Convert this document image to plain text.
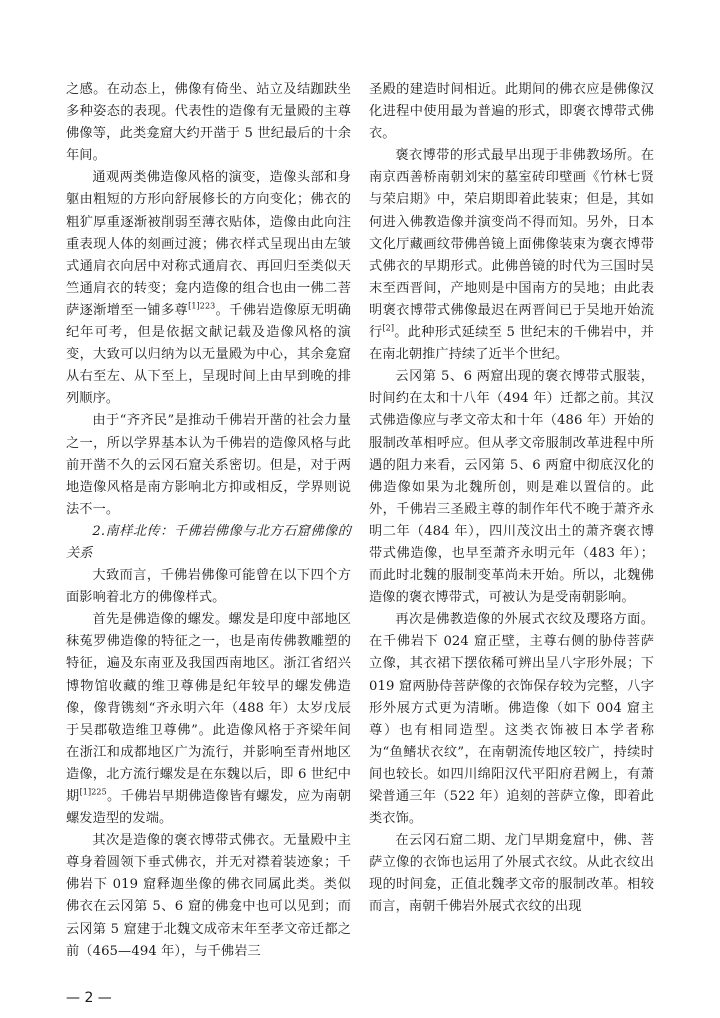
之感。在动态上，佛像有倚坐、站立及结跏趺坐多种姿态的表现。代表性的造像有无量殿的主尊佛像等，此类龛窟大约开凿于 5 世纪最后的十余年间。

通观两类佛造像风格的演变，造像头部和身躯由粗短的方形向舒展修长的方向变化；佛衣的粗犷厚重逐渐被削弱至薄衣贴体，造像由此向注重表现人体的刻画过渡；佛衣样式呈现出由左皱式通肩衣向居中对称式通肩衣、再回归至类似天竺通肩衣的转变；龛内造像的组合也由一佛二菩萨逐渐增至一铺多尊$^{[1]223}$。千佛岩造像原无明确纪年可考，但是依据文献记载及造像风格的演变，大致可以归纳为以无量殿为中心，其余龛窟从右至左、从下至上，呈现时间上由早到晚的排列顺序。

由于“齐齐民”是推动千佛岩开凿的社会力量之一，所以学界基本认为千佛岩的造像风格与此前开凿不久的云冈石窟关系密切。但是，对于两地造像风格是南方影响北方抑或相反，学界则说法不一。

2.南样北传：千佛岩佛像与北方石窟佛像的关系

大致而言，千佛岩佛像可能曾在以下四个方面影响着北方的佛像样式。

首先是佛造像的螺发。螺发是印度中部地区秣菟罗佛造像的特征之一，也是南传佛教雕塑的特征，遍及东南亚及我国西南地区。浙江省绍兴博物馆收藏的维卫尊佛是纪年较早的螺发佛造像，像背镌刻“齐永明六年（488 年）太岁戊辰于吴郡敬造维卫尊佛”。此造像风格于齐梁年间在浙江和成都地区广为流行，并影响至青州地区造像，北方流行螺发是在东魏以后，即 6 世纪中期$^{[1]225}$。千佛岩早期佛造像皆有螺发，应为南朝螺发造型的发端。

其次是造像的褒衣博带式佛衣。无量殿中主尊身着圆领下垂式佛衣，并无对襟着装迹象；千佛岩下 019 窟释迦坐像的佛衣同属此类。类似佛衣在云冈第 5、6 窟的佛龛中也可以见到；而云冈第 5 窟建于北魏文成帝末年至孝文帝迁都之前（465—494 年），与千佛岩三

圣殿的建造时间相近。此期间的佛衣应是佛像汉化进程中使用最为普遍的形式，即褒衣博带式佛衣。

褒衣博带的形式最早出现于非佛教场所。在南京西善桥南朝刘宋的墓室砖印壁画《竹林七贤与荣启期》中，荣启期即着此装束；但是，其如何进入佛教造像并演变尚不得而知。另外，日本文化厅藏画纹带佛兽镜上面佛像装束为褒衣博带式佛衣的早期形式。此佛兽镜的时代为三国时吴末至西晋间，产地则是中国南方的吴地；由此表明褒衣博带式佛像最迟在两晋间已于吴地开始流行[2]。此种形式延续至 5 世纪末的千佛岩中，并在南北朝推广持续了近半个世纪。

云冈第 5、6 两窟出现的褒衣博带式服装，时间约在太和十八年（494 年）迁都之前。其汉式佛造像应与孝文帝太和十年（486 年）开始的服制改革相呼应。但从孝文帝服制改革进程中所遇的阻力来看，云冈第 5、6 两窟中彻底汉化的佛造像如果为北魏所创，则是难以置信的。此外，千佛岩三圣殿主尊的制作年代不晚于萧齐永明二年（484 年），四川茂汶出土的萧齐褒衣博带式佛造像，也早至萧齐永明元年（483 年）；而此时北魏的服制变革尚未开始。所以，北魏佛造像的褒衣博带式，可被认为是受南朝影响。

再次是佛教造像的外展式衣纹及璎珞方面。在千佛岩下 024 窟正壁，主尊右侧的胁侍菩萨立像，其衣裙下摆依稀可辨出呈八字形外展；下 019 窟两胁侍菩萨像的衣饰保存较为完整，八字形外展方式更为清晰。佛造像（如下 004 窟主尊）也有相同造型。这类衣饰被日本学者称为“鱼鳍状衣纹”，在南朝流传地区较广，持续时间也较长。如四川绵阳汉代平阳府君阙上，有萧梁普通三年（522 年）追刻的菩萨立像，即着此类衣饰。

在云冈石窟二期、龙门早期龛窟中，佛、菩萨立像的衣饰也运用了外展式衣纹。从此衣纹出现的时间龛，正值北魏孝文帝的服制改革。相较而言，南朝千佛岩外展式衣纹的出现

— 2 —
